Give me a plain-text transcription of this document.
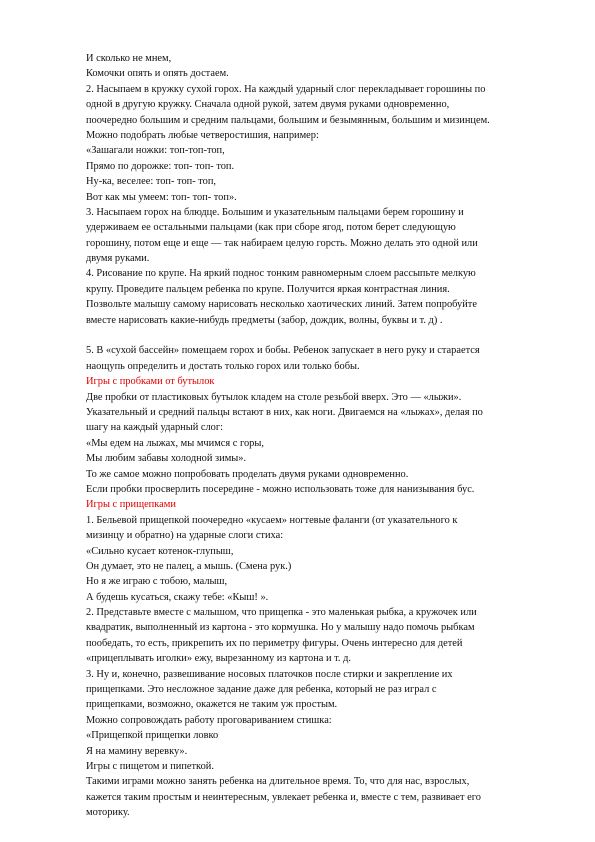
И сколько не мнем,
Комочки опять и опять достаем.
2. Насыпаем в кружку сухой горох. На каждый ударный слог перекладывает горошины по
одной в другую кружку. Сначала одной рукой, затем двумя руками одновременно,
поочередно большим и средним пальцами, большим и безымянным, большим и мизинцем.
Можно подобрать любые четверостишия, например:
«Зашагали ножки: топ-топ-топ,
Прямо по дорожке: топ- топ- топ.
Ну-ка, веселее: топ- топ- топ,
Вот как мы умеем: топ- топ- топ».
3. Насыпаем горох на блюдце. Большим и указательным пальцами берем горошину и
удерживаем ее остальными пальцами (как при сборе ягод, потом берет следующую
горошину, потом еще и еще — так набираем целую горсть. Можно делать это одной или
двумя руками.
4. Рисование по крупе. На яркий поднос тонким равномерным слоем рассыпьте мелкую
крупу. Проведите пальцем ребенка по крупе. Получится яркая контрастная линия.
Позвольте малышу самому нарисовать несколько хаотических линий. Затем попробуйте
вместе нарисовать какие-нибудь предметы (забор, дождик, волны, буквы и т. д) .
5. В «сухой бассейн» помещаем горох и бобы. Ребенок запускает в него руку и старается
наощупь определить и достать только горох или только бобы.
Игры с пробками от бутылок
Две пробки от пластиковых бутылок кладем на столе резьбой вверх. Это — «лыжи».
Указательный и средний пальцы встают в них, как ноги. Двигаемся на «лыжах», делая по
шагу на каждый ударный слог:
«Мы едем на лыжах, мы мчимся с горы,
Мы любим забавы холодной зимы».
То же самое можно попробовать проделать двумя руками одновременно.
Если пробки просверлить посередине - можно использовать тоже для нанизывания бус.
Игры с прищепками
1. Бельевой прищепкой поочередно «кусаем» ногтевые фаланги (от указательного к
мизинцу и обратно) на ударные слоги стиха:
«Сильно кусает котенок-глупыш,
Он думает, это не палец, а мышь. (Смена рук.)
Но я же играю с тобою, малыш,
А будешь кусаться, скажу тебе: «Кыш! ».
2. Представьте вместе с малышом, что прищепка - это маленькая рыбка, а кружочек или
квадратик, выполненный из картона - это кормушка. Но у малышу надо помочь рыбкам
пообедать, то есть, прикрепить их по периметру фигуры. Очень интересно для детей
«прицеплывать иголки» ежу, вырезанному из картона и т. д.
3. Ну и, конечно, развешивание носовых платочков после стирки и закрепление их
прищепками. Это несложное задание даже для ребенка, который не раз играл с
прищепками, возможно, окажется не таким уж простым.
Можно сопровождать работу проговариванием стишка:
«Прищепкой прищепки ловко
Я на мамину веревку».
Игры с пищетом и пипеткой.
Такими играми можно занять ребенка на длительное время. То, что для нас, взрослых,
кажется таким простым и неинтересным, увлекает ребенка и, вместе с тем, развивает его
моторику.
